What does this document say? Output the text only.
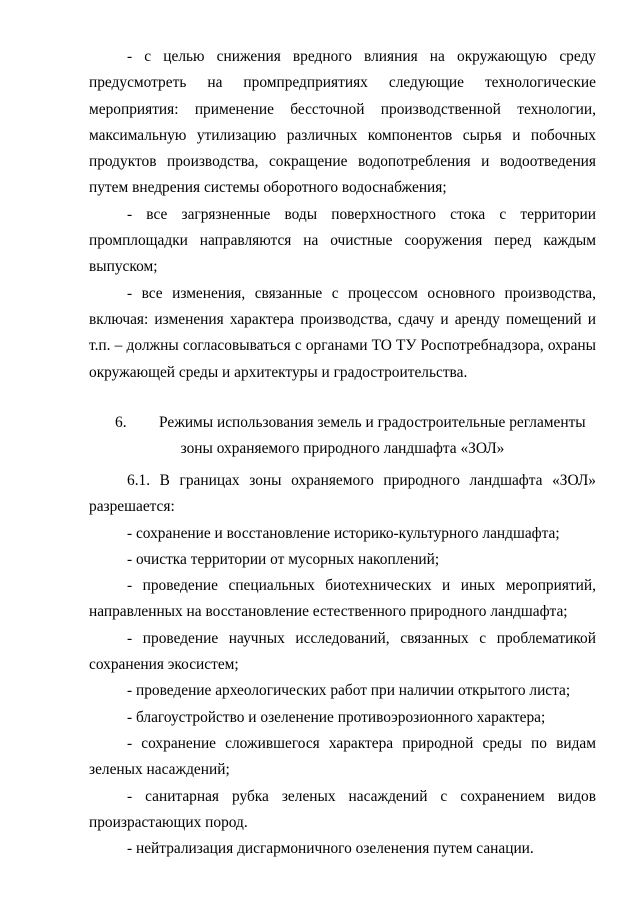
- с целью снижения вредного влияния на окружающую среду предусмотреть на промпредприятиях следующие технологические мероприятия: применение бессточной производственной технологии, максимальную утилизацию различных компонентов сырья и побочных продуктов производства, сокращение водопотребления и водоотведения путем внедрения системы оборотного водоснабжения;

- все загрязненные воды поверхностного стока с территории промплощадки направляются на очистные сооружения перед каждым выпуском;

- все изменения, связанные с процессом основного производства, включая: изменения характера производства, сдачу и аренду помещений и т.п. – должны согласовываться с органами ТО ТУ Роспотребнадзора, охраны окружающей среды и архитектуры и градостроительства.

6. Режимы использования земель и градостроительные регламенты
зоны охраняемого природного ландшафта «ЗОЛ»

6.1. В границах зоны охраняемого природного ландшафта «ЗОЛ» разрешается:

- сохранение и восстановление историко-культурного ландшафта;

- очистка территории от мусорных накоплений;

- проведение специальных биотехнических и иных мероприятий, направленных на восстановление естественного природного ландшафта;

- проведение научных исследований, связанных с проблематикой сохранения экосистем;

- проведение археологических работ при наличии открытого листа;

- благоустройство и озеленение противоэрозионного характера;

- сохранение сложившегося характера природной среды по видам зеленых насаждений;

- санитарная рубка зеленых насаждений с сохранением видов произрастающих пород.

- нейтрализация дисгармоничного озеленения путем санации.
